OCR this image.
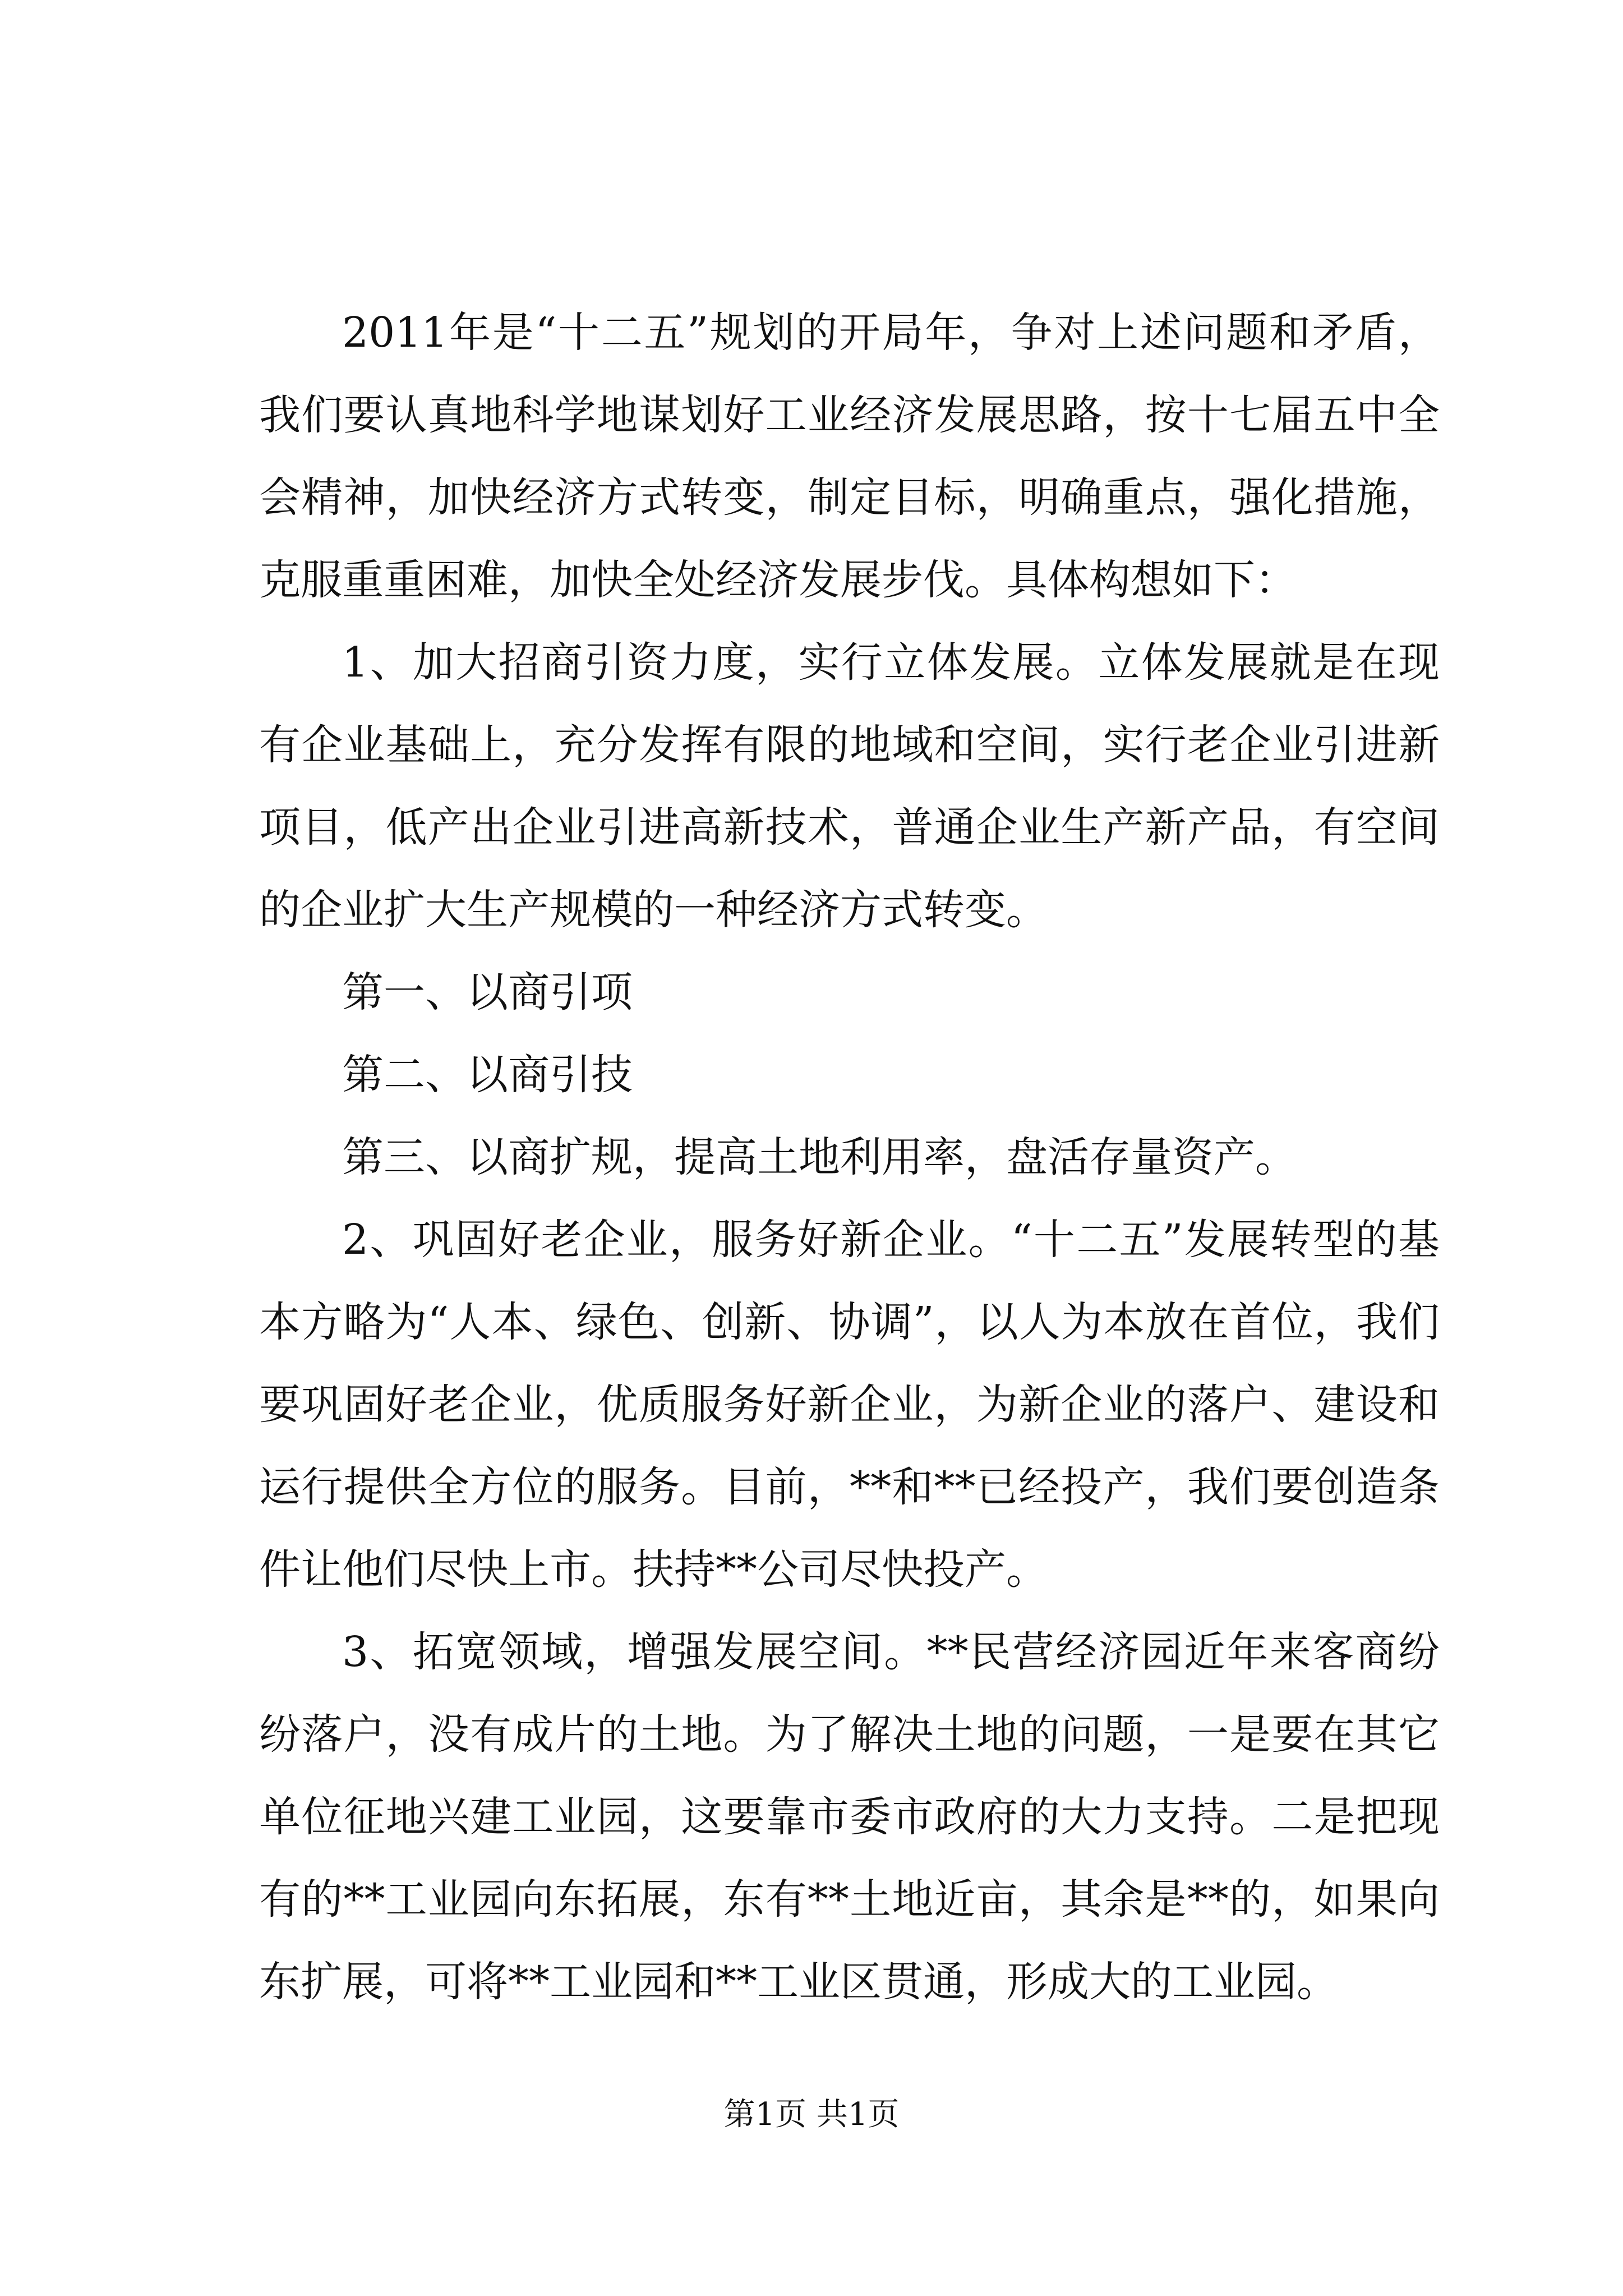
2011年是“十二五”规划的开局年，争对上述问题和矛盾，我们要认真地科学地谋划好工业经济发展思路，按十七届五中全会精神，加快经济方式转变，制定目标，明确重点，强化措施，克服重重困难，加快全处经济发展步伐。具体构想如下：

1、加大招商引资力度，实行立体发展。立体发展就是在现有企业基础上，充分发挥有限的地域和空间，实行老企业引进新项目，低产出企业引进高新技术，普通企业生产新产品，有空间的企业扩大生产规模的一种经济方式转变。

第一、以商引项

第二、以商引技

第三、以商扩规，提高土地利用率，盘活存量资产。

2、巩固好老企业，服务好新企业。“十二五”发展转型的基本方略为“人本、绿色、创新、协调”，以人为本放在首位，我们要巩固好老企业，优质服务好新企业，为新企业的落户、建设和运行提供全方位的服务。目前，**和**已经投产，我们要创造条件让他们尽快上市。扶持**公司尽快投产。

3、拓宽领域，增强发展空间。**民营经济园近年来客商纷纷落户，没有成片的土地。为了解决土地的问题，一是要在其它单位征地兴建工业园，这要靠市委市政府的大力支持。二是把现有的**工业园向东拓展，东有**土地近亩，其余是**的，如果向东扩展，可将**工业园和**工业区贯通，形成大的工业园。

第1页 共1页
